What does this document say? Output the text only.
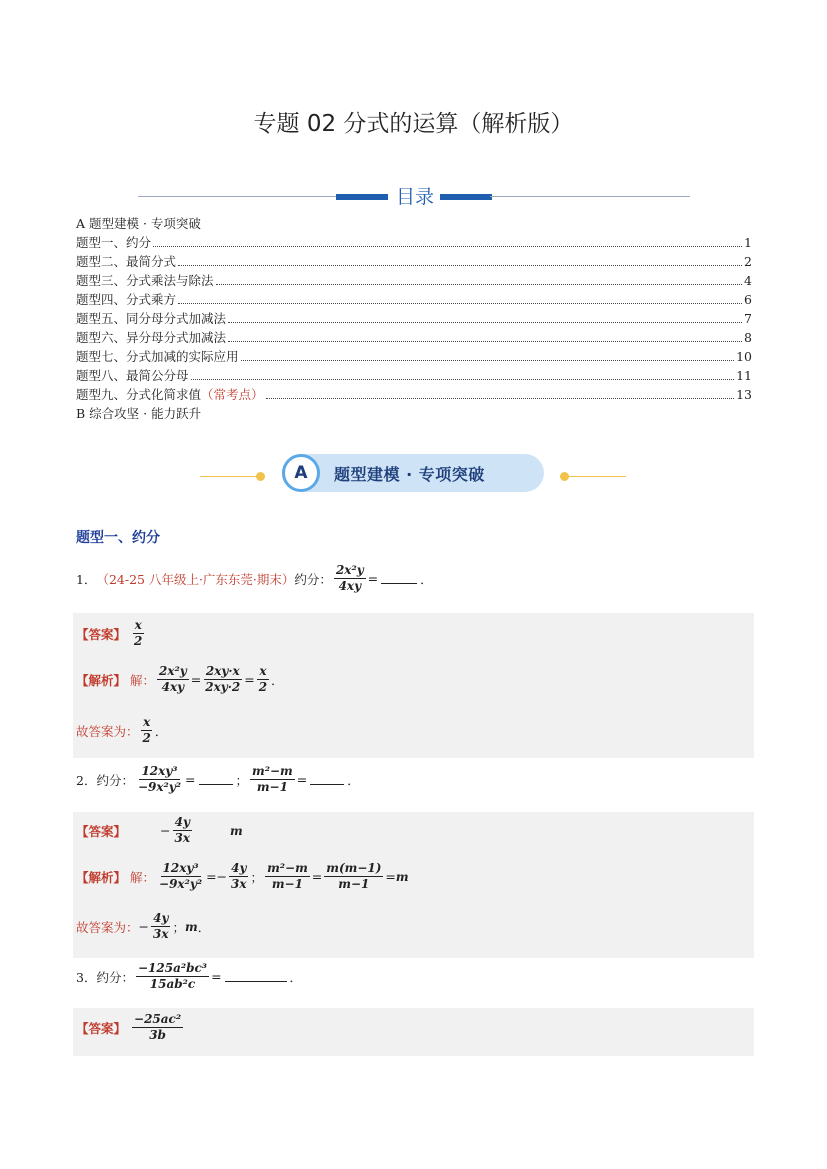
专题 02 分式的运算（解析版）
目录
A 题型建模 · 专项突破
题型一、约分	1
题型二、最简分式	2
题型三、分式乘法与除法	4
题型四、分式乘方	6
题型五、同分母分式加减法	7
题型六、异分母分式加减法	8
题型七、分式加减的实际应用	10
题型八、最简公分母	11
题型九、分式化简求值 （常考点）	13
B 综合攻坚 · 能力跃升
A	题型建模 · 专项突破
题型一、约分
1． （24-25 八年级上·广东东莞·期末） 约分： $\frac{\text{2x²y}}{4xy}$ =	．
【答案】 $\frac{x}{2}$
【解析】 解： $\frac{\text{2x²y}}{4xy} = \frac{2xy\cdot x}{2xy\cdot 2} = \frac{x}{2}$ ．
故答案为： $\frac{x}{2}$ ．
2． 约分： $\frac{\text{12xy³}}{\text{−9x²y²}}$ =	； $\frac{\text{m²−m}}{m-1}$ =	．
【答案】	− $\frac{4y}{3x}$	m
【解析】 解： $\frac{\text{12xy³}}{\text{−9x²y²}} =- \frac{4y}{3x}$ ； $\frac{\text{m²−m}}{m-1} = \frac{m(m-1)}{m-1} = m$
故答案为： − $\frac{4y}{3x}$ ； m ．
3． 约分： $\frac{\text{−125a²bc³}}{\text{15ab²c}}$ =	．
【答案】 $\frac{\text{−25ac²}}{3b}$
